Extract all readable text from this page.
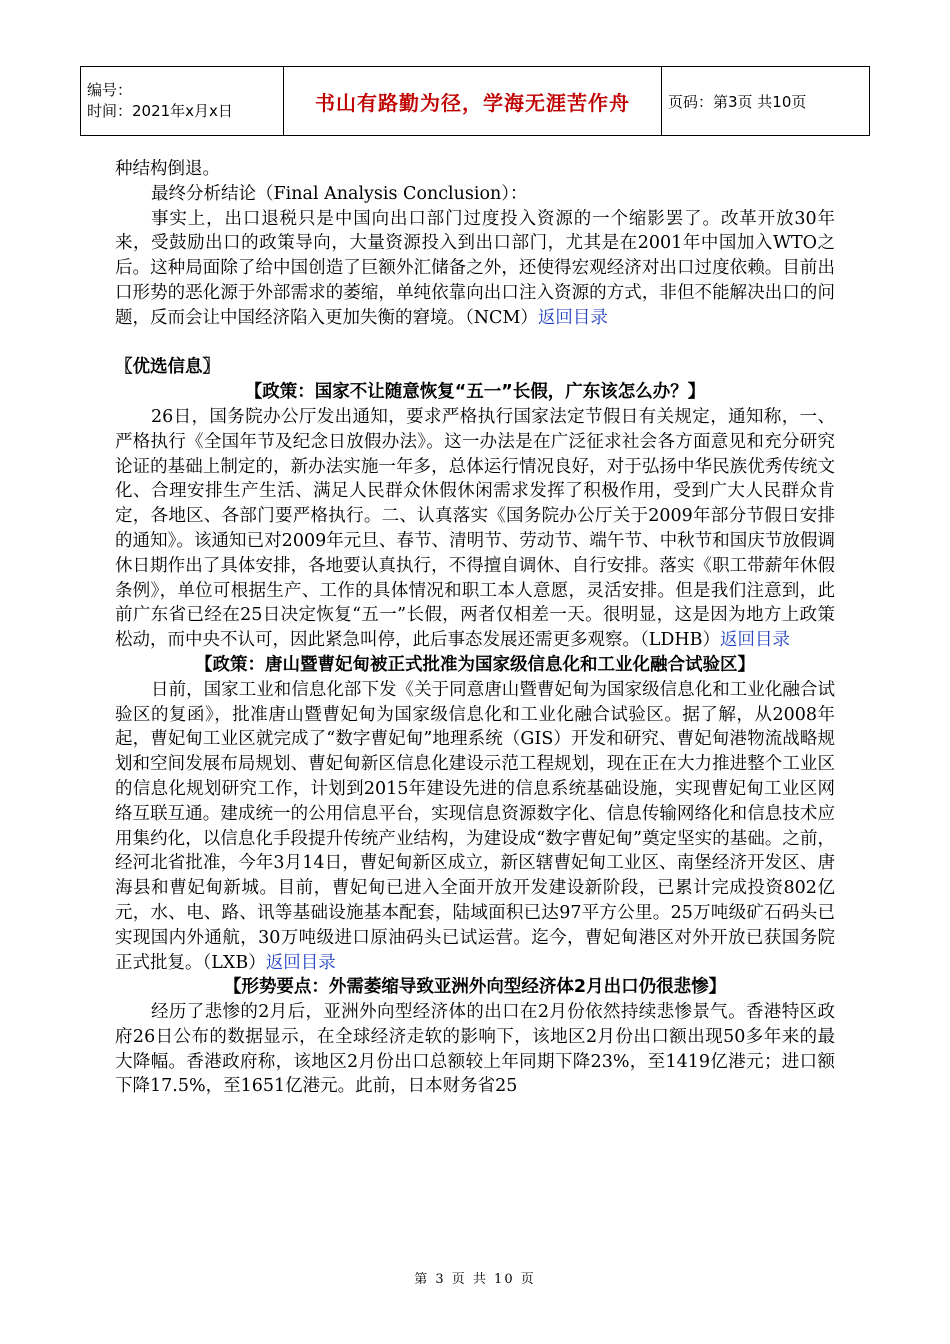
编号：
时间：2021年x月x日	书山有路勤为径，学海无涯苦作舟	页码：第3页 共10页

种结构倒退。

最终分析结论（Final Analysis Conclusion）：

事实上，出口退税只是中国向出口部门过度投入资源的一个缩影罢了。改革开放30年来，受鼓励出口的政策导向，大量资源投入到出口部门，尤其是在2001年中国加入WTO之后。这种局面除了给中国创造了巨额外汇储备之外，还使得宏观经济对出口过度依赖。目前出口形势的恶化源于外部需求的萎缩，单纯依靠向出口注入资源的方式，非但不能解决出口的问题，反而会让中国经济陷入更加失衡的窘境。（NCM）返回目录

〖优选信息〗

【政策：国家不让随意恢复“五一”长假，广东该怎么办？】

26日，国务院办公厅发出通知，要求严格执行国家法定节假日有关规定，通知称，一、严格执行《全国年节及纪念日放假办法》。这一办法是在广泛征求社会各方面意见和充分研究论证的基础上制定的，新办法实施一年多，总体运行情况良好，对于弘扬中华民族优秀传统文化、合理安排生产生活、满足人民群众休假休闲需求发挥了积极作用，受到广大人民群众肯定，各地区、各部门要严格执行。二、认真落实《国务院办公厅关于2009年部分节假日安排的通知》。该通知已对2009年元旦、春节、清明节、劳动节、端午节、中秋节和国庆节放假调休日期作出了具体安排，各地要认真执行，不得擅自调休、自行安排。落实《职工带薪年休假条例》，单位可根据生产、工作的具体情况和职工本人意愿，灵活安排。但是我们注意到，此前广东省已经在25日决定恢复“五一”长假，两者仅相差一天。很明显，这是因为地方上政策松动，而中央不认可，因此紧急叫停，此后事态发展还需更多观察。（LDHB）返回目录

【政策：唐山暨曹妃甸被正式批准为国家级信息化和工业化融合试验区】

日前，国家工业和信息化部下发《关于同意唐山暨曹妃甸为国家级信息化和工业化融合试验区的复函》，批准唐山暨曹妃甸为国家级信息化和工业化融合试验区。据了解，从2008年起，曹妃甸工业区就完成了“数字曹妃甸”地理系统（GIS）开发和研究、曹妃甸港物流战略规划和空间发展布局规划、曹妃甸新区信息化建设示范工程规划，现在正在大力推进整个工业区的信息化规划研究工作，计划到2015年建设先进的信息系统基础设施，实现曹妃甸工业区网络互联互通。建成统一的公用信息平台，实现信息资源数字化、信息传输网络化和信息技术应用集约化，以信息化手段提升传统产业结构，为建设成“数字曹妃甸”奠定坚实的基础。之前，经河北省批准，今年3月14日，曹妃甸新区成立，新区辖曹妃甸工业区、南堡经济开发区、唐海县和曹妃甸新城。目前，曹妃甸已进入全面开放开发建设新阶段，已累计完成投资802亿元，水、电、路、讯等基础设施基本配套，陆域面积已达97平方公里。25万吨级矿石码头已实现国内外通航，30万吨级进口原油码头已试运营。迄今，曹妃甸港区对外开放已获国务院正式批复。（LXB）返回目录

【形势要点：外需萎缩导致亚洲外向型经济体2月出口仍很悲惨】

经历了悲惨的2月后，亚洲外向型经济体的出口在2月份依然持续悲惨景气。香港特区政府26日公布的数据显示，在全球经济走软的影响下，该地区2月份出口额出现50多年来的最大降幅。香港政府称，该地区2月份出口总额较上年同期下降23%，至1419亿港元；进口额下降17.5%，至1651亿港元。此前，日本财务省25

第 3 页 共 10 页
